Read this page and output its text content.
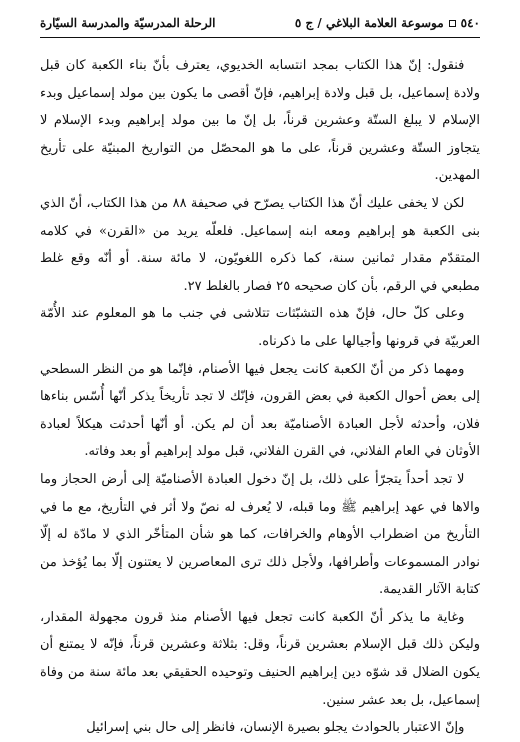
٥٤٠
موسوعة العلامة البلاغي / ج ٥
الرحلة المدرسيّة والمدرسة السيّارة

فنقول: إنّ هذا الكتاب بمجد انتسابه الخديوي، يعترف بأنّ بناء الكعبة كان قبل ولادة إسماعيل، بل قبل ولادة إبراهيم، فإنّ أقصى ما يكون بين مولد إسماعيل وبدء الإسلام لا يبلغ الستّة وعشرين قرناً، بل إنّ ما بين مولد إبراهيم وبدء الإسلام لا يتجاوز الستّة وعشرين قرناً، على ما هو المحصّل من التواريخ المبنيّة على تأريخ المهدين.

لكن لا يخفى عليك أنّ هذا الكتاب يصرّح في صحيفة ٨٨ من هذا الكتاب، أنّ الذي بنى الكعبة هو إبراهيم ومعه ابنه إسماعيل. فلعلّه يريد من «القرن» في كلامه المتقدّم مقدار ثمانين سنة، كما ذكره اللغويّون، لا مائة سنة. أو أنّه وقع غلط مطبعي في الرقم، بأن كان صحيحه ٢٥ فصار بالغلط ٢٧.

وعلى كلّ حال، فإنّ هذه التشبّثات تتلاشى في جنب ما هو المعلوم عند الأُمّة العربيّة في قرونها وأجيالها على ما ذكرناه.

ومهما ذكر من أنّ الكعبة كانت يجعل فيها الأصنام، فإنّما هو من النظر السطحي إلى بعض أحوال الكعبة في بعض القرون، فإنّك لا تجد تأريخاً يذكر أنّها أُسّس بناءها فلان، وأحدثه لأجل العبادة الأصناميّة بعد أن لم يكن. أو أنّها أحدثت هيكلاً لعبادة الأوثان في العام الفلاني، في القرن الفلاني، قبل مولد إبراهيم أو بعد وفاته.

لا تجد أحداً يتجرّأ على ذلك، بل إنّ دخول العبادة الأصناميّة إلى أرض الحجاز وما والاها في عهد إبراهيم ﷺ وما قبله، لا يُعرف له نصّ ولا أثر في التأريخ، مع ما في التأريخ من اضطراب الأوهام والخرافات، كما هو شأن المتأخّر الذي لا مادّة له إلّا نوادر المسموعات وأطرافها، ولأجل ذلك ترى المعاصرين لا يعتنون إلّا بما يُؤخذ من كتابة الآثار القديمة.

وغاية ما يذكر أنّ الكعبة كانت تجعل فيها الأصنام منذ قرون مجهولة المقدار، وليكن ذلك قبل الإسلام بعشرين قرناً، وقل: بثلاثة وعشرين قرناً، فإنّه لا يمتنع أن يكون الضلال قد شوّه دين إبراهيم الحنيف وتوحيده الحقيقي بعد مائة سنة من وفاة إسماعيل، بل بعد عشر سنين.

وإنّ الاعتبار بالحوادث يجلو بصيرة الإنسان، فانظر إلى حال بني إسرائيل
